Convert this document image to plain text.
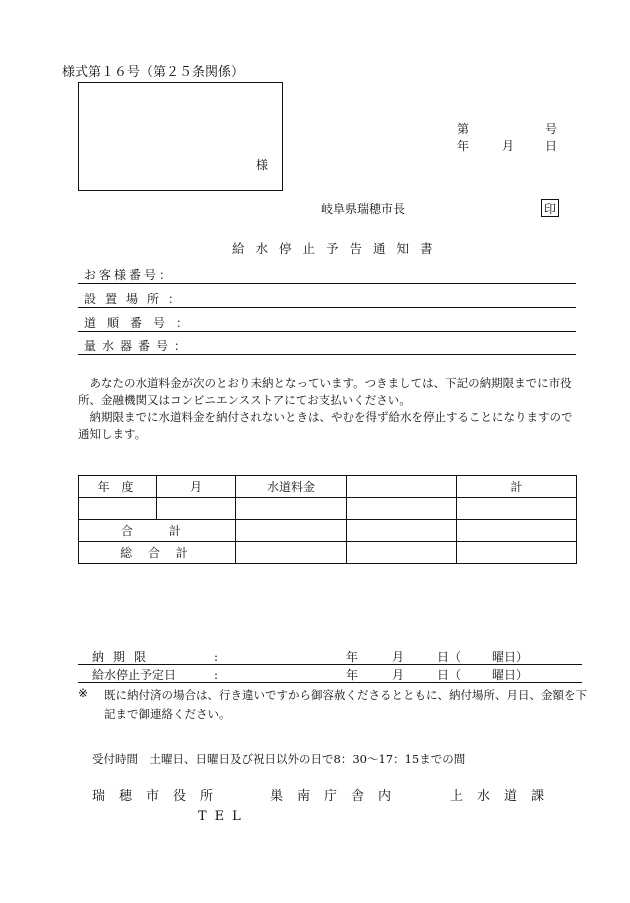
様式第１６号（第２５条関係）
様
第	号
年	月	日
岐阜県瑞穂市長	印
給水停止予告通知書
お客様番号：
設置場所：
道順番号：
量水器番号：

あなたの水道料金が次のとおり未納となっています。つきましては、下記の納期限までに市役所、金融機関又はコンビニエンスストアにてお支払いください。

納期限までに水道料金を納付されないときは、やむを得ず給水を停止することになりますので通知します。

年 度	月	水道料金		計

合　計				
総 合 計				
納期限	:	年	月	日（	曜日）
給水停止予定日	:	年	月	日（	曜日）
※ 既に納付済の場合は、行き違いですから御容赦くださるとともに、納付場所、月日、金額を下記まで御連絡ください。
受付時間　土曜日、日曜日及び祝日以外の日で8：30～17：15までの間
瑞穂市役所	巣南庁舎内	上水道課
TEL
